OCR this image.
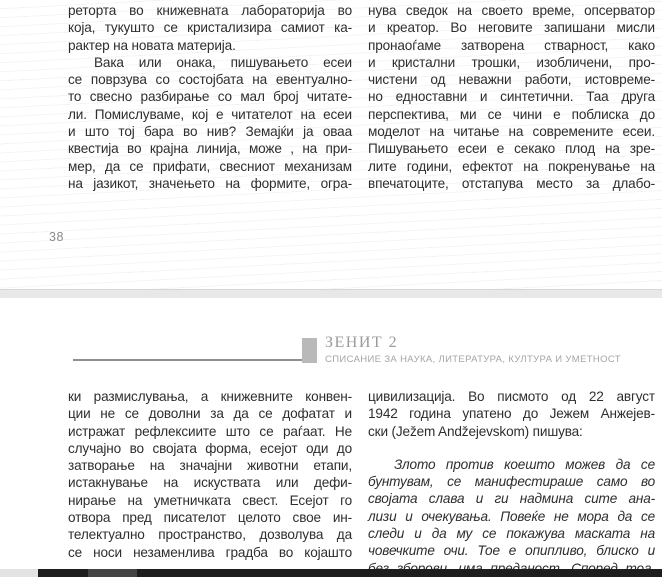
реторта во книжевната лабораторија во
која, тукушто се кристализира самиот ка-
рактер на новата материја.
Вака или онака, пишувањето есеи
се поврзува со состојбата на евентуално-
то свесно разбирање со мал број читате-
ли. Помислуваме, кој е читателот на есеи
и што тој бара во нив? Земајќи ја оваа
квестија во крајна линија, може , на при-
мер, да се прифати, свесниот механизам
на јазикот, значењето на формите, огра-
нува сведок на своето време, опсерватор
и креатор. Во неговите запишани мисли
пронаоѓаме затворена стварност, како
и кристални трошки, изобличени, про-
чистени од неважни работи, истовреме-
но едноставни и синтетични. Таа друга
перспектива, ми се чини е поблиска до
моделот на читање на современите есеи.
Пишувањето есеи е секако плод на зре-
лите години, ефектот на покренување на
впечатоците, отстапува место за длабо-
38
ЗЕНИТ 2
СПИСАНИЕ ЗА НАУКА, ЛИТЕРАТУРА, КУЛТУРА И УМЕТНОСТ
ки размислувања, а книжевните конвен-
ции не се доволни за да се дофатат и
истражат рефлексиите што се раѓаат. Не
случајно во својата форма, есејот оди до
затворање на значајни животни етапи,
истакнување на искуствата или дефи-
нирање на уметничката свест. Есејот го
отвора пред писателот целото свое ин-
телектуално пространство, дозволува да
се носи незаменлива градба во којашто
цивилизација. Во писмото од 22 август
1942 година упатено до Јежем Анжејев-
ски (Ježem Andžejevskom) пишува:
Злото против коешто можев да се
бунтувам, се манифестираше само во
својата слава и ги надмина сите ана-
лизи и очекувања. Повеќе не мора да се
следи и да му се покажува маската на
човечките очи. Тое е опипливо, блиско и
